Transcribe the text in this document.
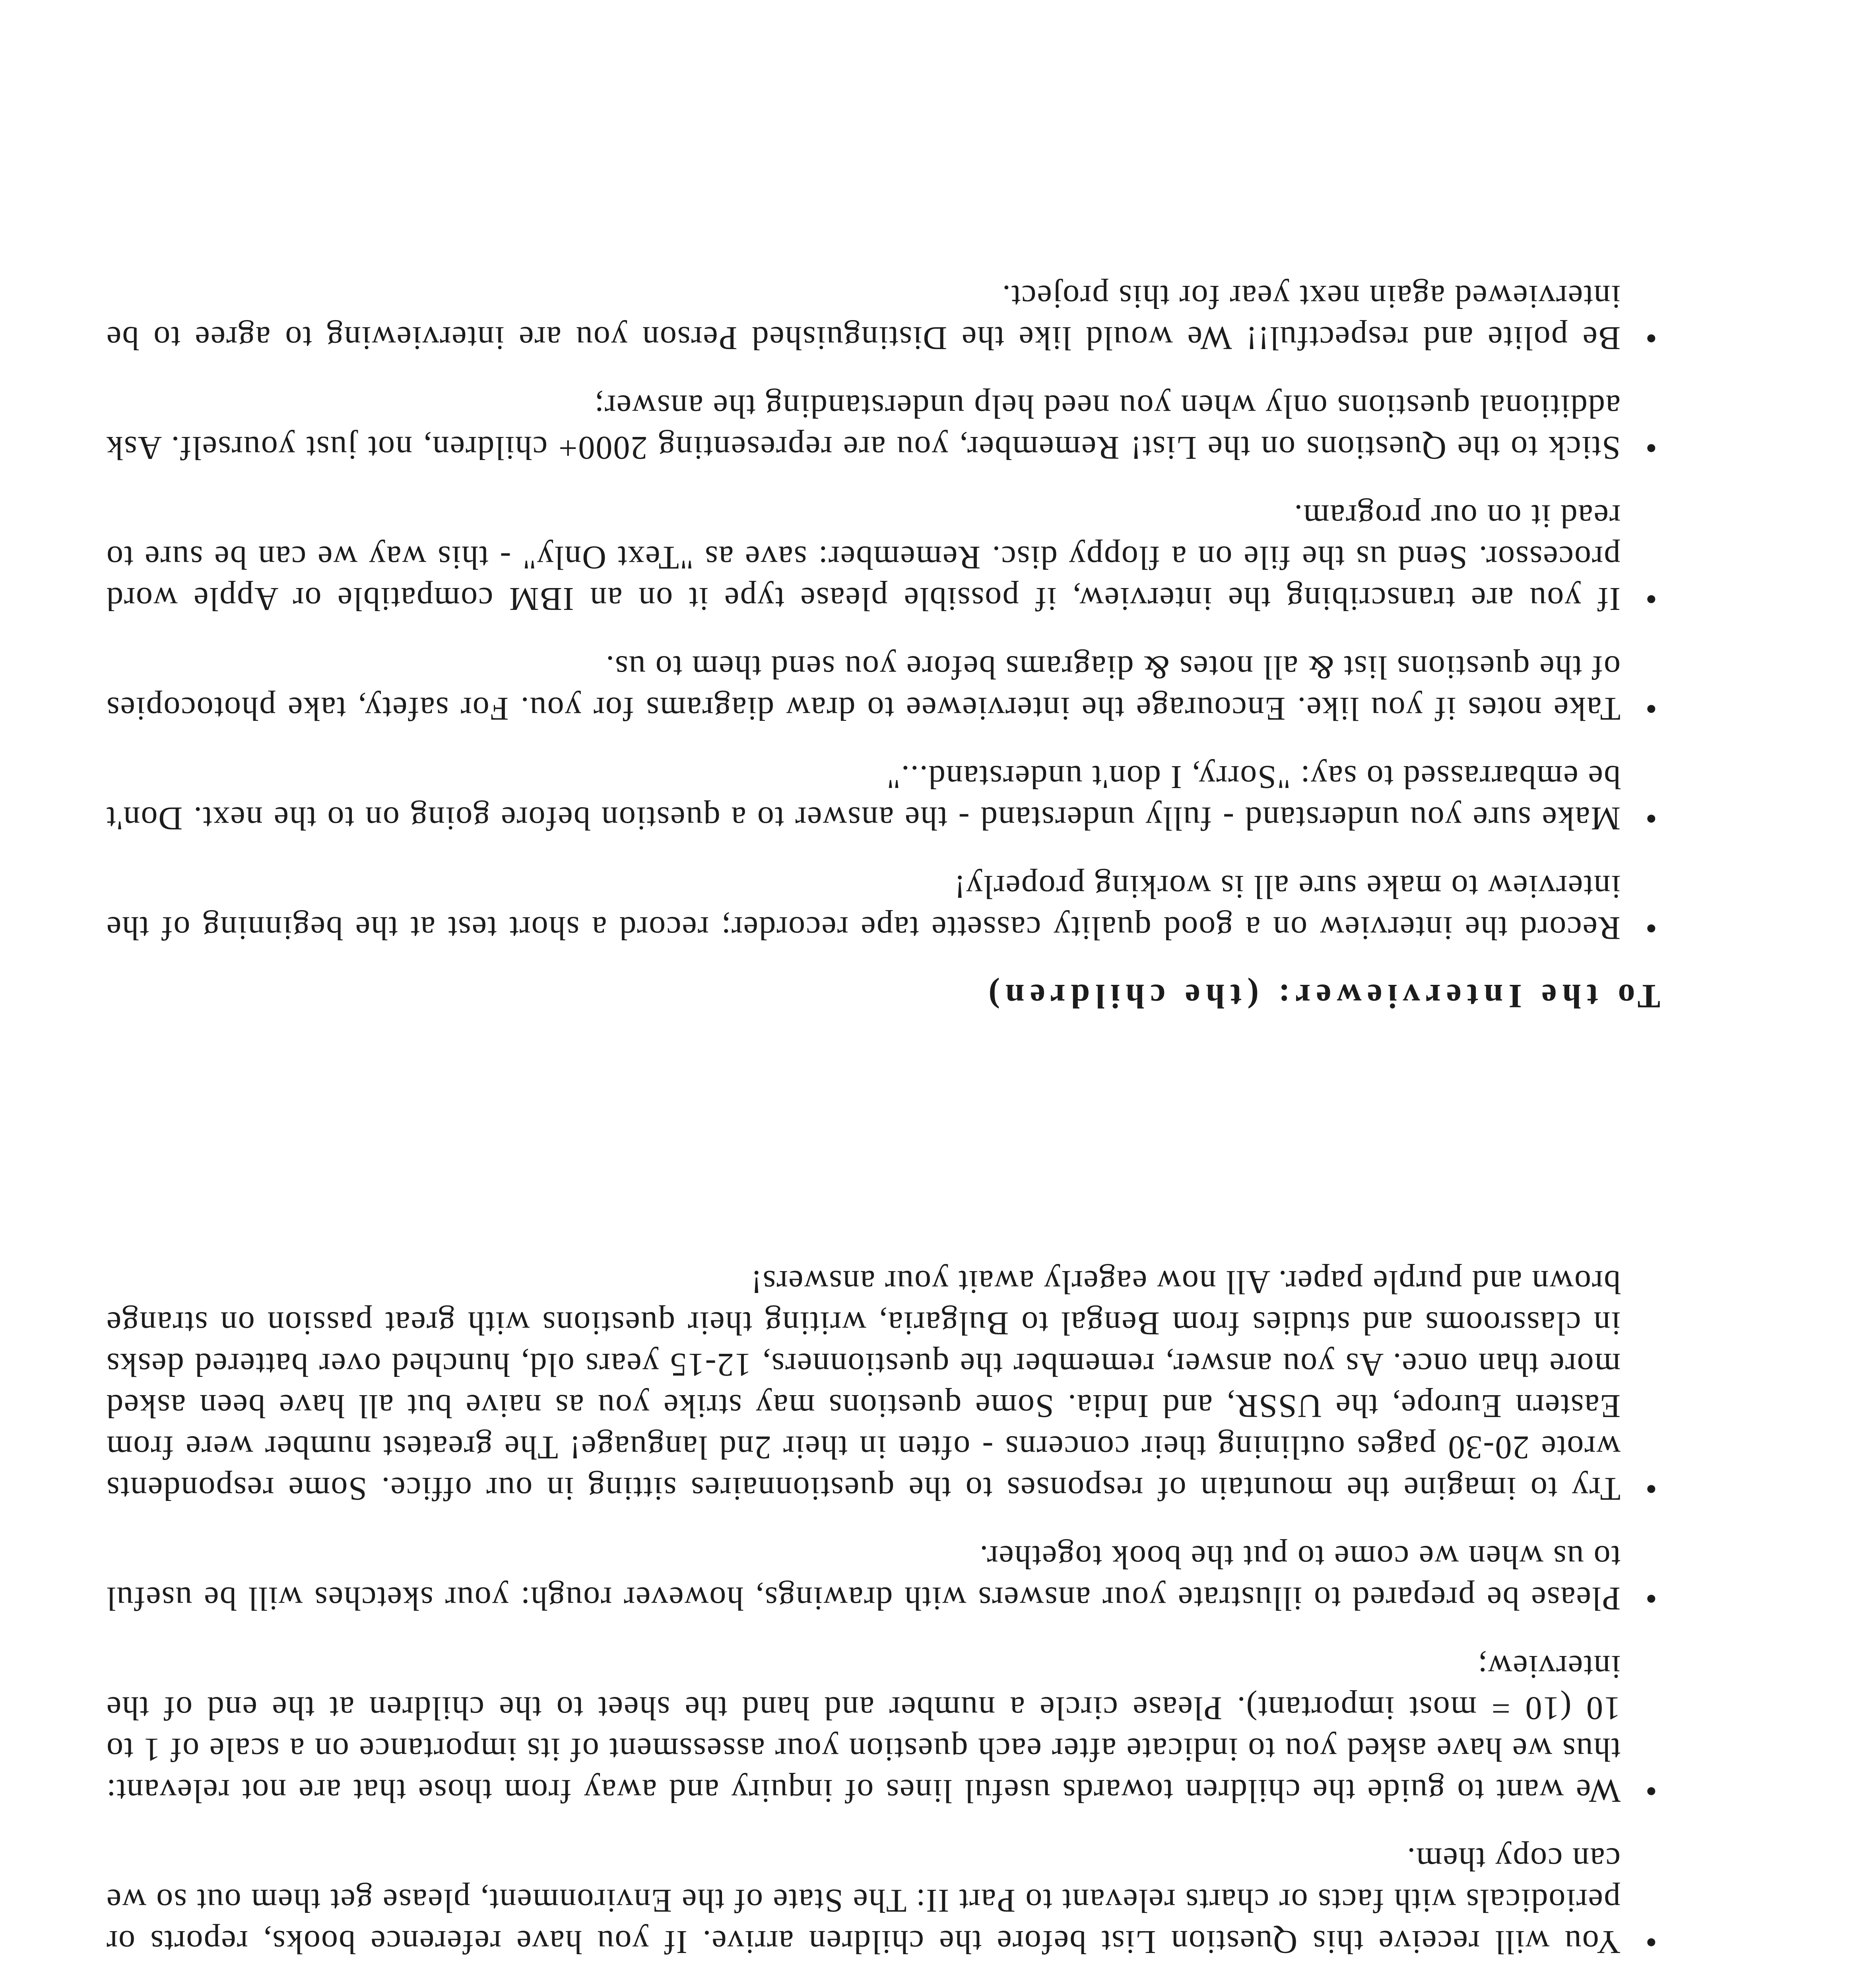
• You will receive this Question List before the children arrive. If you have reference books, reports or periodicals with facts or charts relevant to Part II: The State of the Environment, please get them out so we can copy them.
• We want to guide the children towards useful lines of inquiry and away from those that are not relevant: thus we have asked you to indicate after each question your assessment of its importance on a scale of 1 to 10 (10 = most important). Please circle a number and hand the sheet to the children at the end of the interview;
• Please be prepared to illustrate your answers with drawings, however rough: your sketches will be useful to us when we come to put the book together.
• Try to imagine the mountain of responses to the questionnaires sitting in our office. Some respondents wrote 20-30 pages outlining their concerns - often in their 2nd language! The greatest number were from Eastern Europe, the USSR, and India. Some questions may strike you as naive but all have been asked more than once. As you answer, remember the questionners, 12-15 years old, hunched over battered desks in classrooms and studies from Bengal to Bulgaria, writing their questions with great passion on strange brown and purple paper. All now eagerly await your answers!
To the Interviewer: (the children)
• Record the interview on a good quality cassette tape recorder; record a short test at the beginning of the interview to make sure all is working properly!
• Make sure you understand - fully understand - the answer to a question before going on to the next. Don't be embarrassed to say: "Sorry, I don't understand..."
• Take notes if you like. Encourage the interviewee to draw diagrams for you. For safety, take photocopies of the questions list & all notes & diagrams before you send them to us.
• If you are transcribing the interview, if possible please type it on an IBM compatible or Apple word processor. Send us the file on a floppy disc. Remember: save as "Text Only" - this way we can be sure to read it on our program.
• Stick to the Questions on the List! Remember, you are representing 2000+ children, not just yourself. Ask additional questions only when you need help understanding the answer;
• Be polite and respectful!! We would like the Distinguished Person you are interviewing to agree to be interviewed again next year for this project.
